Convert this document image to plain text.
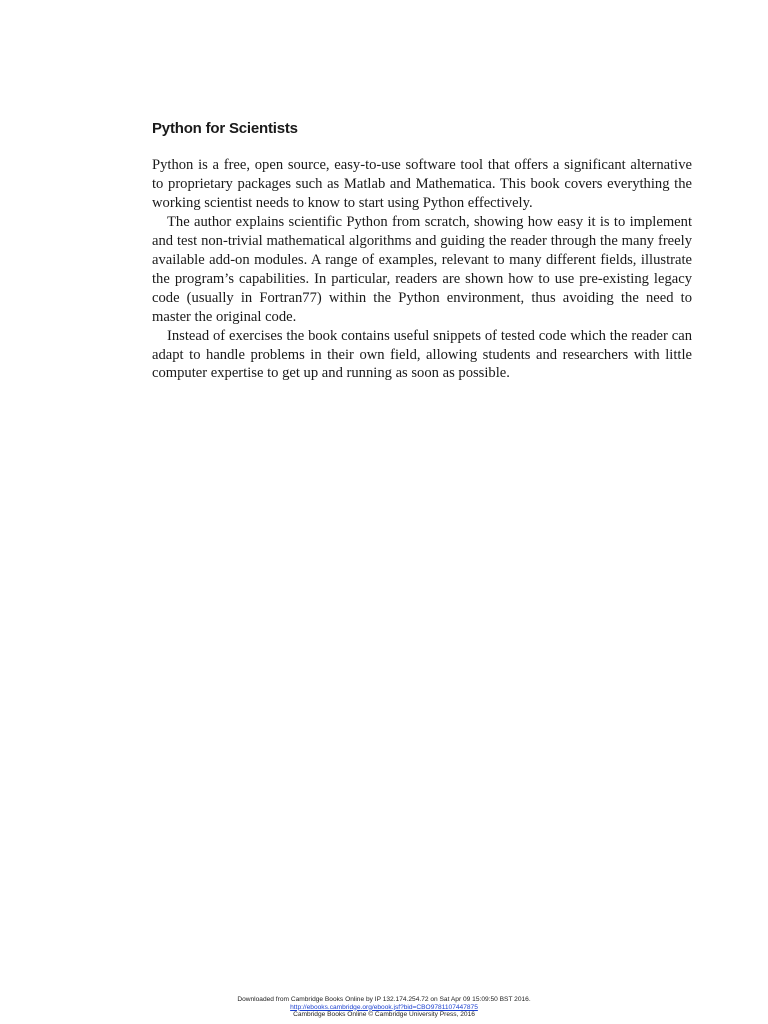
Python for Scientists

Python is a free, open source, easy-to-use software tool that offers a significant alternative to proprietary packages such as Matlab and Mathematica. This book covers everything the working scientist needs to know to start using Python effectively.

The author explains scientific Python from scratch, showing how easy it is to implement and test non-trivial mathematical algorithms and guiding the reader through the many freely available add-on modules. A range of examples, relevant to many different fields, illustrate the program’s capabilities. In particular, readers are shown how to use pre-existing legacy code (usually in Fortran77) within the Python environment, thus avoiding the need to master the original code.

Instead of exercises the book contains useful snippets of tested code which the reader can adapt to handle problems in their own field, allowing students and researchers with little computer expertise to get up and running as soon as possible.

Downloaded from Cambridge Books Online by IP 132.174.254.72 on Sat Apr 09 15:09:50 BST 2016.
http://ebooks.cambridge.org/ebook.jsf?bid=CBO9781107447875
Cambridge Books Online © Cambridge University Press, 2016
